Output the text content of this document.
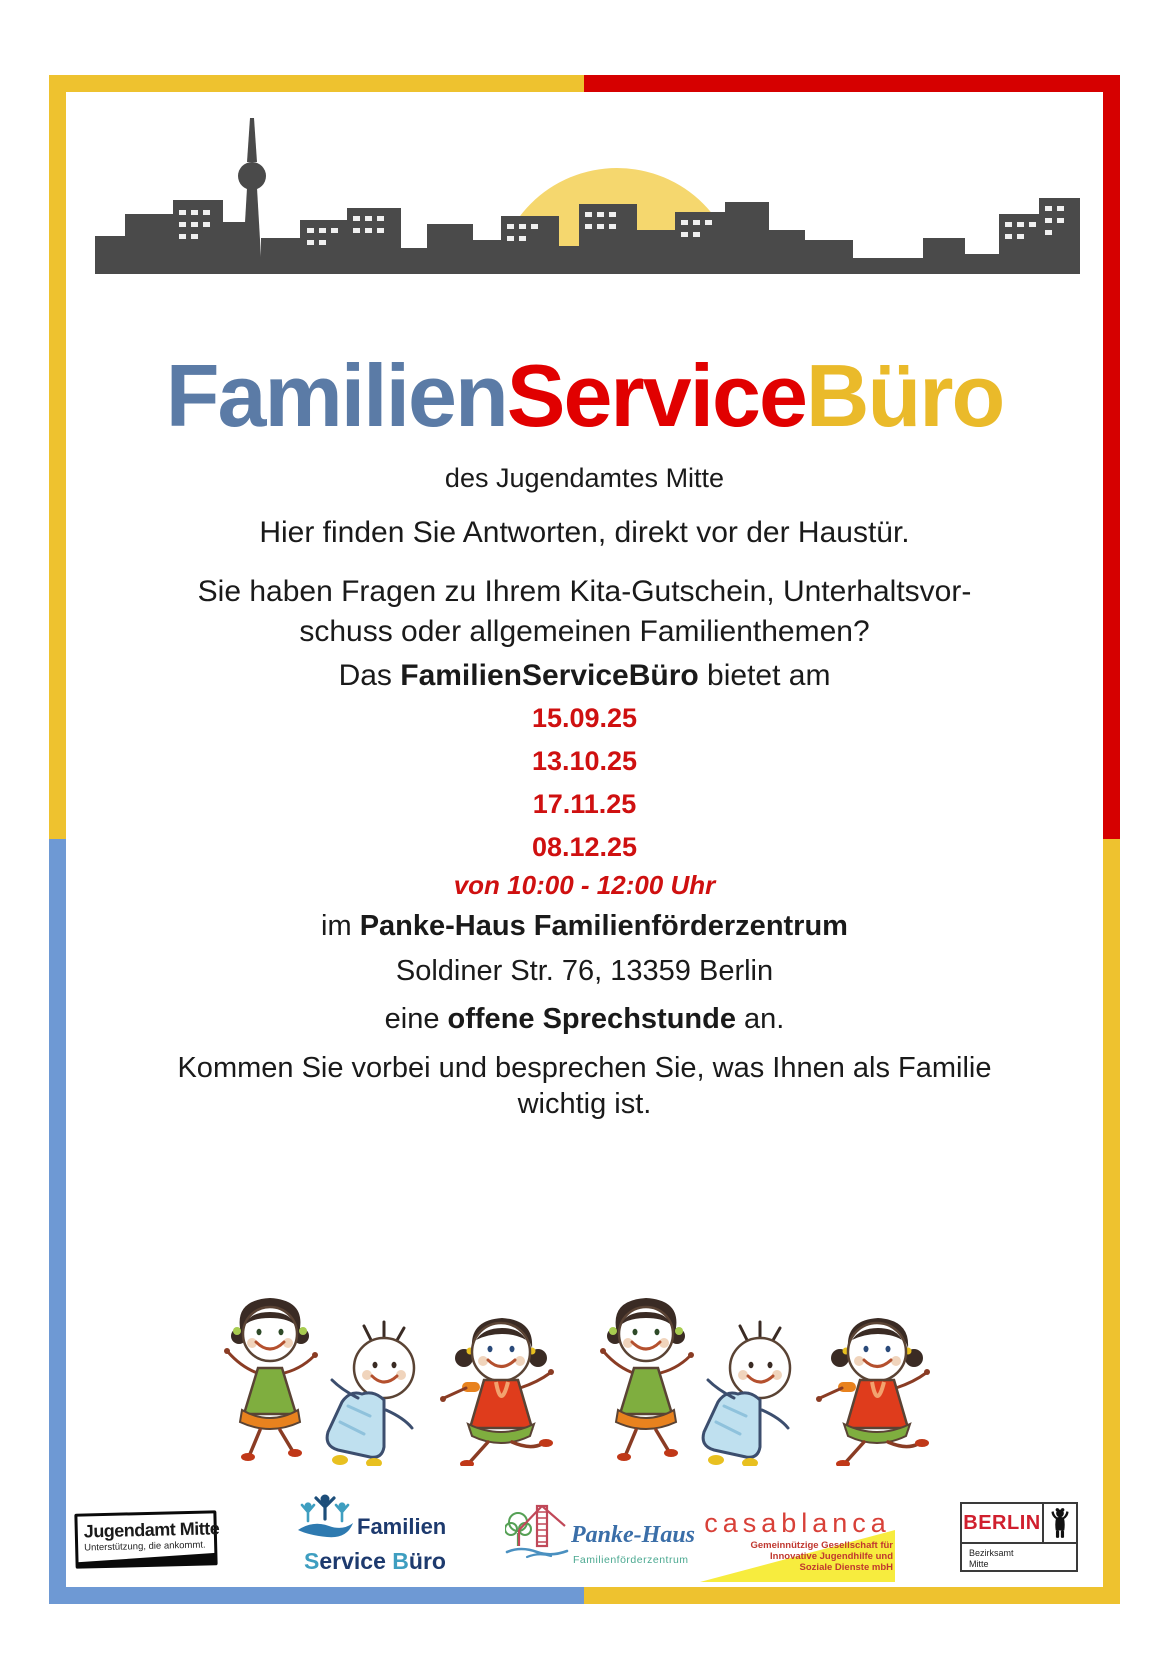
FamilienServiceBüro
des Jugendamtes Mitte
Hier finden Sie Antworten, direkt vor der Haustür.
Sie haben Fragen zu Ihrem Kita-Gutschein, Unterhaltsvor-
schuss oder allgemeinen Familienthemen?
Das FamilienServiceBüro bietet am
15.09.25
13.10.25
17.11.25
08.12.25
von 10:00 - 12:00 Uhr
im Panke-Haus Familienförderzentrum
Soldiner Str. 76, 13359 Berlin
eine offene Sprechstunde an.
Kommen Sie vorbei und besprechen Sie, was Ihnen als Familie
wichtig ist.
Jugendamt Mitte
Unterstützung, die ankommt.
Familien
Service Büro
Panke-Haus
Familienförderzentrum
casablanca
Gemeinnützige Gesellschaft für
Innovative Jugendhilfe und
Soziale Dienste mbH
BERLIN
Bezirksamt
Mitte
